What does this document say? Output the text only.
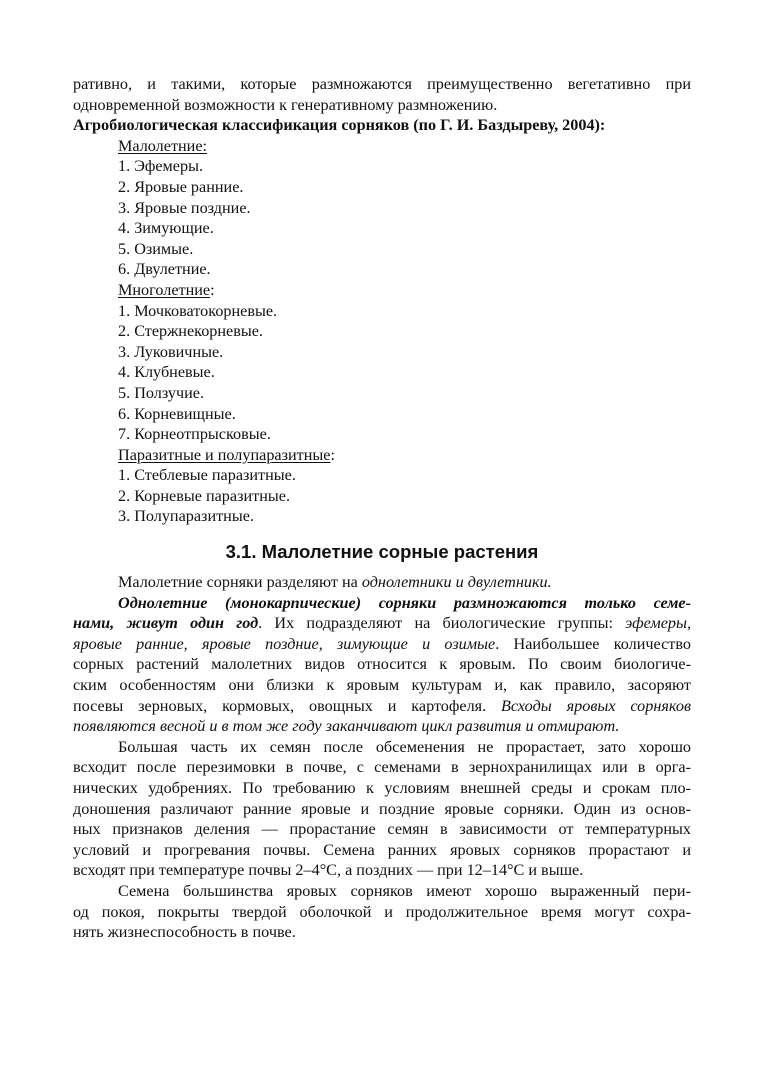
ративно, и такими, которые размножаются преимущественно вегетативно при
одновременной возможности к генеративному размножению.
Агробиологическая классификация сорняков (по Г. И. Баздыреву, 2004):
Малолетние:
1. Эфемеры.
2. Яровые ранние.
3. Яровые поздние.
4. Зимующие.
5. Озимые.
6. Двулетние.
Многолетние:
1. Мочковатокорневые.
2. Стержнекорневые.
3. Луковичные.
4. Клубневые.
5. Ползучие.
6. Корневищные.
7. Корнеотпрысковые.
Паразитные и полупаразитные:
1. Стеблевые паразитные.
2. Корневые паразитные.
3. Полупаразитные.
3.1. Малолетние сорные растения
Малолетние сорняки разделяют на однолетники и двулетники.
Однолетние (монокарпические) сорняки размножаются только семе-
нами, живут один год. Их подразделяют на биологические группы: эфемеры,
яровые ранние, яровые поздние, зимующие и озимые. Наибольшее количество
сорных растений малолетних видов относится к яровым. По своим биологиче-
ским особенностям они близки к яровым культурам и, как правило, засоряют
посевы зерновых, кормовых, овощных и картофеля. Всходы яровых сорняков
появляются весной и в том же году заканчивают цикл развития и отмирают.
Большая часть их семян после обсеменения не прорастает, зато хорошо
всходит после перезимовки в почве, с семенами в зернохранилищах или в орга-
нических удобрениях. По требованию к условиям внешней среды и срокам пло-
доношения различают ранние яровые и поздние яровые сорняки. Один из основ-
ных признаков деления — прорастание семян в зависимости от температурных
условий и прогревания почвы. Семена ранних яровых сорняков прорастают и
всходят при температуре почвы 2–4°С, а поздних — при 12–14°С и выше.
Семена большинства яровых сорняков имеют хорошо выраженный пери-
од покоя, покрыты твердой оболочкой и продолжительное время могут сохра-
нять жизнеспособность в почве.
